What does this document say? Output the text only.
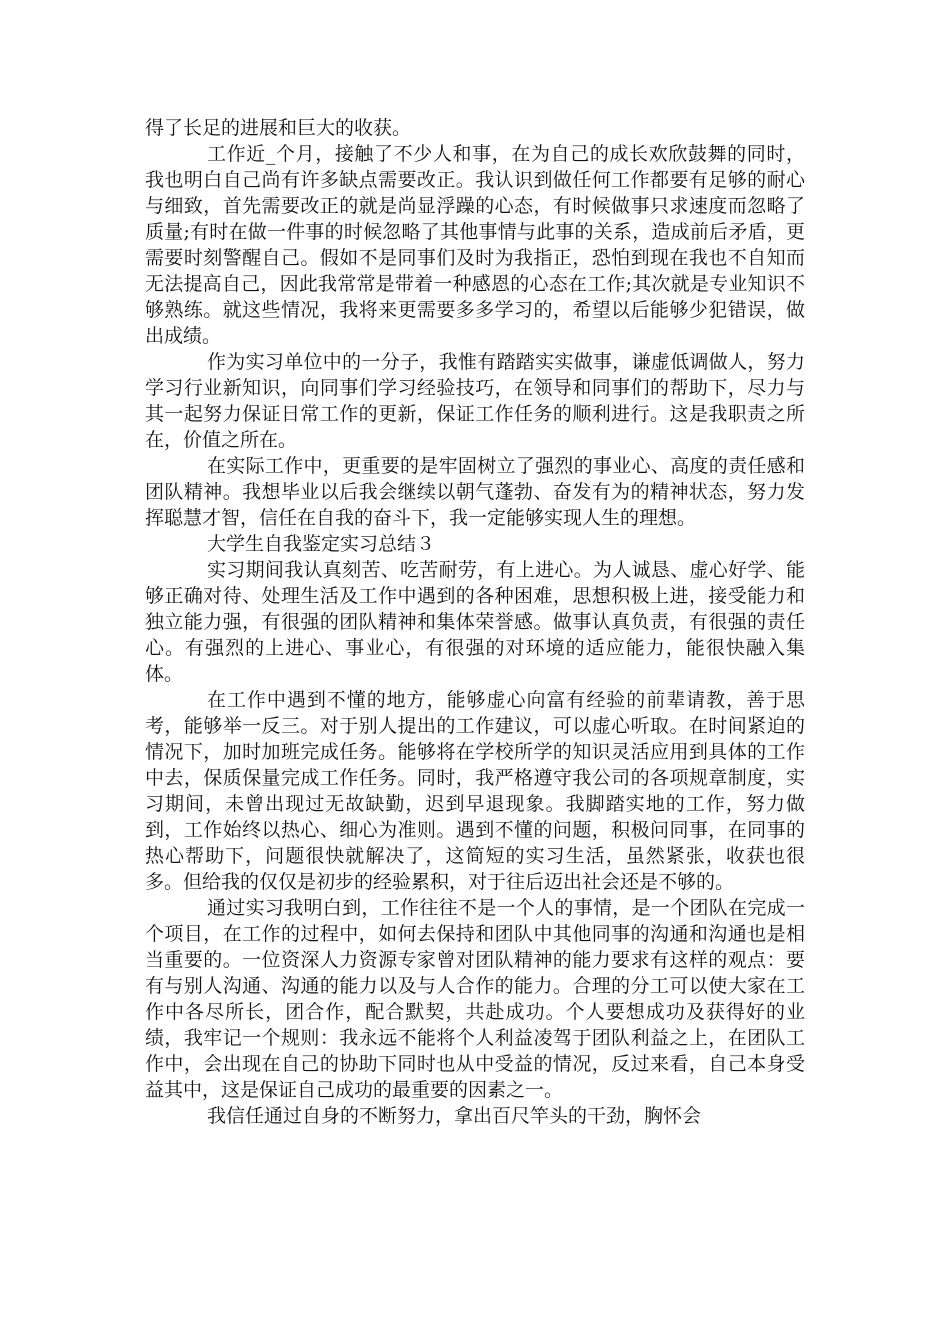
得了长足的进展和巨大的收获。

工作近_个月，接触了不少人和事，在为自己的成长欢欣鼓舞的同时，我也明白自己尚有许多缺点需要改正。我认识到做任何工作都要有足够的耐心与细致，首先需要改正的就是尚显浮躁的心态，有时候做事只求速度而忽略了质量;有时在做一件事的时候忽略了其他事情与此事的关系，造成前后矛盾，更需要时刻警醒自己。假如不是同事们及时为我指正，恐怕到现在我也不自知而无法提高自己，因此我常常是带着一种感恩的心态在工作;其次就是专业知识不够熟练。就这些情况，我将来更需要多多学习的，希望以后能够少犯错误，做出成绩。

作为实习单位中的一分子，我惟有踏踏实实做事，谦虚低调做人，努力学习行业新知识，向同事们学习经验技巧，在领导和同事们的帮助下，尽力与其一起努力保证日常工作的更新，保证工作任务的顺利进行。这是我职责之所在，价值之所在。

在实际工作中，更重要的是牢固树立了强烈的事业心、高度的责任感和团队精神。我想毕业以后我会继续以朝气蓬勃、奋发有为的精神状态，努力发挥聪慧才智，信任在自我的奋斗下，我一定能够实现人生的理想。

大学生自我鉴定实习总结３

实习期间我认真刻苦、吃苦耐劳，有上进心。为人诚恳、虚心好学、能够正确对待、处理生活及工作中遇到的各种困难，思想积极上进，接受能力和独立能力强，有很强的团队精神和集体荣誉感。做事认真负责，有很强的责任心。有强烈的上进心、事业心，有很强的对环境的适应能力，能很快融入集体。

在工作中遇到不懂的地方，能够虚心向富有经验的前辈请教，善于思考，能够举一反三。对于别人提出的工作建议，可以虚心听取。在时间紧迫的情况下，加时加班完成任务。能够将在学校所学的知识灵活应用到具体的工作中去，保质保量完成工作任务。同时，我严格遵守我公司的各项规章制度，实习期间，未曾出现过无故缺勤，迟到早退现象。我脚踏实地的工作，努力做到，工作始终以热心、细心为准则。遇到不懂的问题，积极问同事，在同事的热心帮助下，问题很快就解决了，这简短的实习生活，虽然紧张，收获也很多。但给我的仅仅是初步的经验累积，对于往后迈出社会还是不够的。

通过实习我明白到，工作往往不是一个人的事情，是一个团队在完成一个项目，在工作的过程中，如何去保持和团队中其他同事的沟通和沟通也是相当重要的。一位资深人力资源专家曾对团队精神的能力要求有这样的观点：要有与别人沟通、沟通的能力以及与人合作的能力。合理的分工可以使大家在工作中各尽所长，团合作，配合默契，共赴成功。个人要想成功及获得好的业绩，我牢记一个规则：我永远不能将个人利益凌驾于团队利益之上，在团队工作中，会出现在自己的协助下同时也从中受益的情况，反过来看，自己本身受益其中，这是保证自己成功的最重要的因素之一。

我信任通过自身的不断努力，拿出百尺竿头的干劲，胸怀会
